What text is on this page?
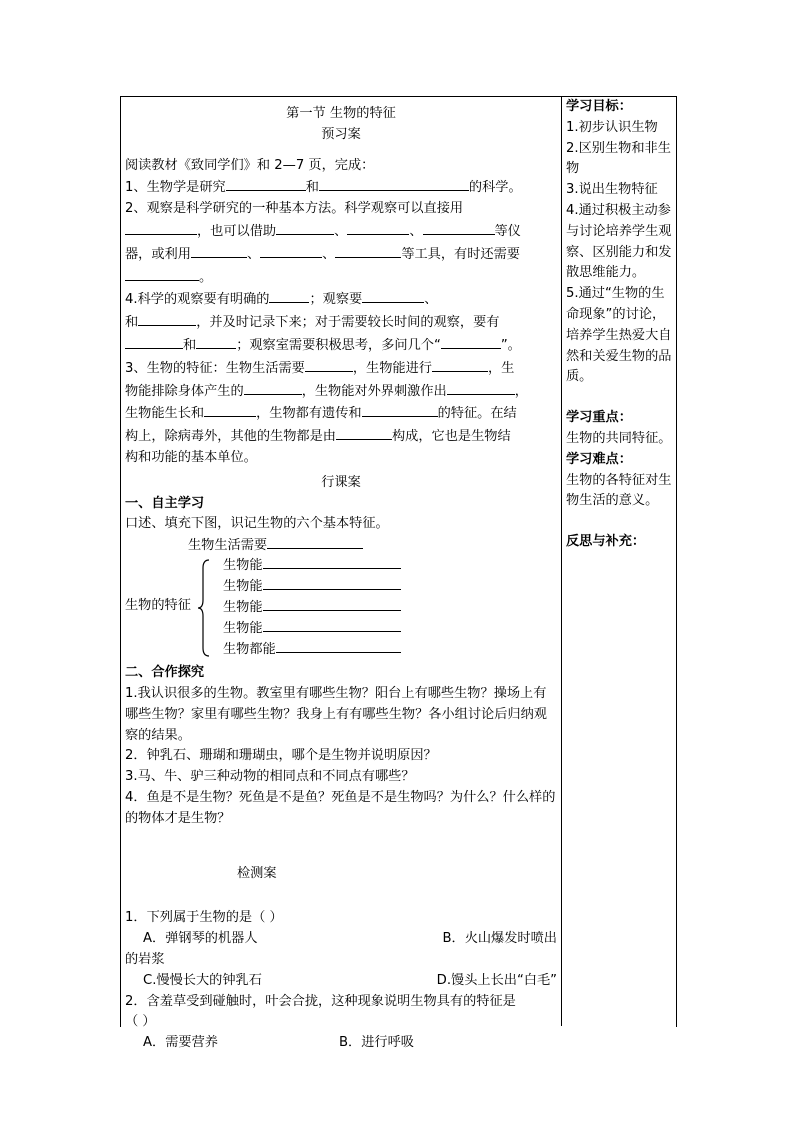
第一节 生物的特征
预习案
阅读教材《致同学们》和 2—7 页，完成：
1、生物学是研究	和	的科学。
2、观察是科学研究的一种基本方法。科学观察可以直接用
，也可以借助	、	、	等仪
器，或利用	、	、	等工具，有时还需要
。
4.科学的观察要有明确的	；观察要	、
和	，并及时记录下来；对于需要较长时间的观察，要有
和	；观察室需要积极思考，多问几个“	”。
3、生物的特征：生物生活需要	，生物能进行	，生
物能排除身体产生的	，生物能对外界刺激作出	，
生物能生长和	，生物都有遗传和	的特征。在结
构上，除病毒外，其他的生物都是由	构成，它也是生物结
构和功能的基本单位。
行课案
一、自主学习
口述、填充下图，识记生物的六个基本特征。
生物生活需要
生物的特征
生物能
生物能
生物能
生物能
生物都能
二、合作探究
1.我认识很多的生物。教室里有哪些生物？阳台上有哪些生物？操场上有哪些生物？家里有哪些生物？我身上有有哪些生物？各小组讨论后归纳观察的结果。
2．钟乳石、珊瑚和珊瑚虫，哪个是生物并说明原因？
3.马、牛、驴三种动物的相同点和不同点有哪些？
4．鱼是不是生物？死鱼是不是鱼？死鱼是不是生物吗？为什么？什么样的的物体才是生物？
检测案
1．下列属于生物的是（ ）
A．弹钢琴的机器人	B．火山爆发时喷出
的岩浆
C.慢慢长大的钟乳石	D.馒头上长出“白毛”
2．含羞草受到碰触时，叶会合拢，这种现象说明生物具有的特征是
（ ）
A．需要营养	B．进行呼吸
学习目标：
1.初步认识生物
2.区别生物和非生物
3.说出生物特征
4.通过积极主动参与讨论培养学生观察、区别能力和发散思维能力。
5.通过“生物的生命现象”的讨论，培养学生热爱大自然和关爱生物的品质。
学习重点：
生物的共同特征。
学习难点：
生物的各特征对生物生活的意义。
反思与补充：
